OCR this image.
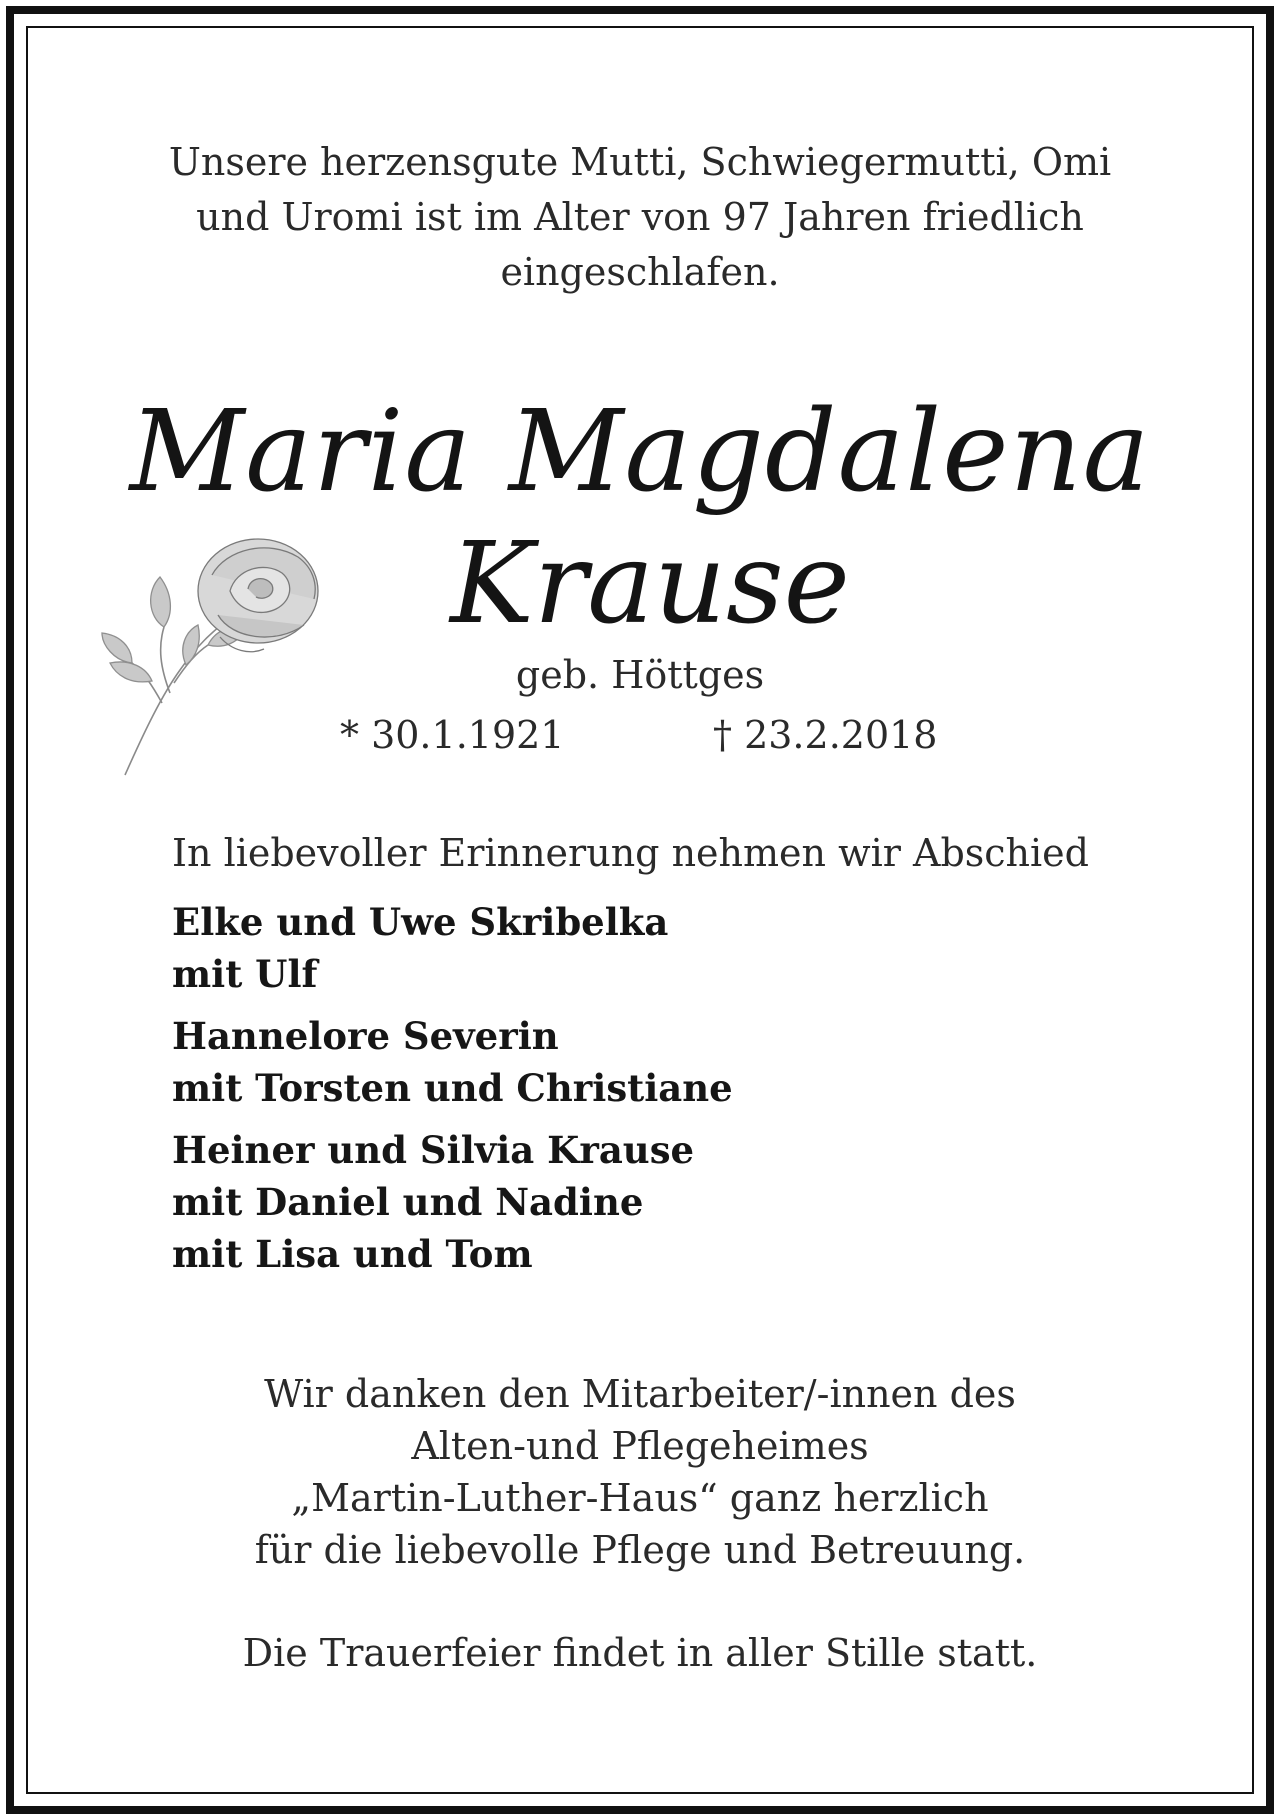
Unsere herzensgute Mutti, Schwiegermutti, Omi
und Uromi ist im Alter von 97 Jahren friedlich
eingeschlafen.
Maria Magdalena
Krause
geb. Höttges
* 30.1.1921	† 23.2.2018
In liebevoller Erinnerung nehmen wir Abschied
Elke und Uwe Skribelka
mit Ulf
Hannelore Severin
mit Torsten und Christiane
Heiner und Silvia Krause
mit Daniel und Nadine
mit Lisa und Tom
Wir danken den Mitarbeiter/-innen des
Alten-und Pflegeheimes
„Martin-Luther-Haus“ ganz herzlich
für die liebevolle Pflege und Betreuung.
Die Trauerfeier findet in aller Stille statt.
